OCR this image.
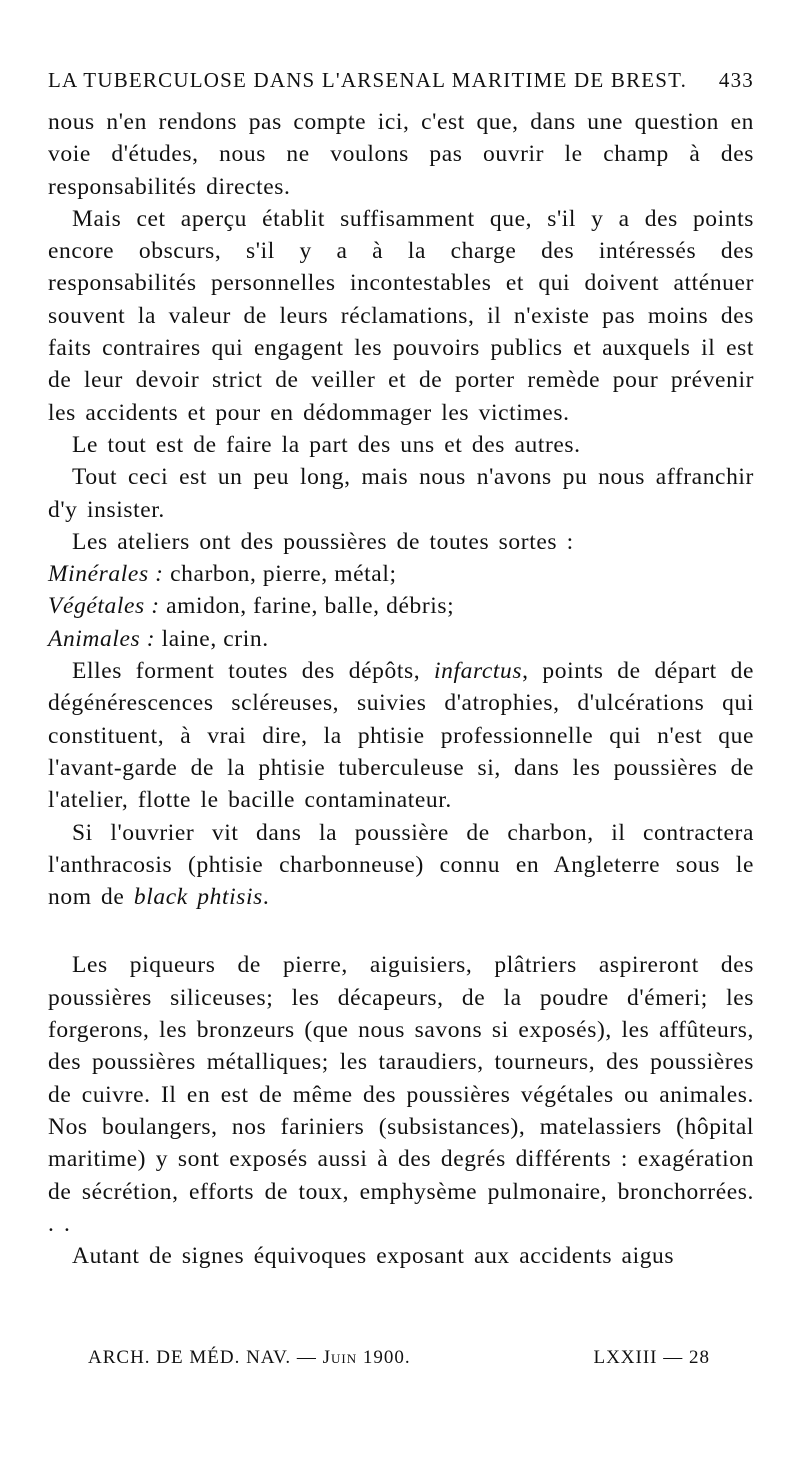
LA TUBERCULOSE DANS L'ARSENAL MARITIME DE BREST. 433

nous n'en rendons pas compte ici, c'est que, dans une question en voie d'études, nous ne voulons pas ouvrir le champ à des responsabilités directes.

Mais cet aperçu établit suffisamment que, s'il y a des points encore obscurs, s'il y a à la charge des intéressés des responsabilités personnelles incontestables et qui doivent atténuer souvent la valeur de leurs réclamations, il n'existe pas moins des faits contraires qui engagent les pouvoirs publics et auxquels il est de leur devoir strict de veiller et de porter remède pour prévenir les accidents et pour en dédommager les victimes.

Le tout est de faire la part des uns et des autres.

Tout ceci est un peu long, mais nous n'avons pu nous affranchir d'y insister.

Les ateliers ont des poussières de toutes sortes :

Minérales : charbon, pierre, métal;
Végétales : amidon, farine, balle, débris;
Animales : laine, crin.

Elles forment toutes des dépôts, infarctus, points de départ de dégénérescences scléreuses, suivies d'atrophies, d'ulcérations qui constituent, à vrai dire, la phtisie professionnelle qui n'est que l'avant-garde de la phtisie tuberculeuse si, dans les poussières de l'atelier, flotte le bacille contaminateur.

Si l'ouvrier vit dans la poussière de charbon, il contractera l'anthracosis (phtisie charbonneuse) connu en Angleterre sous le nom de black phtisis.

Les piqueurs de pierre, aiguisiers, plâtriers aspireront des poussières siliceuses; les décapeurs, de la poudre d'émeri; les forgerons, les bronzeurs (que nous savons si exposés), les affûteurs, des poussières métalliques; les taraudiers, tourneurs, des poussières de cuivre. Il en est de même des poussières végétales ou animales. Nos boulangers, nos fariniers (subsistances), matelassiers (hôpital maritime) y sont exposés aussi à des degrés différents : exagération de sécrétion, efforts de toux, emphysème pulmonaire, bronchorrées. . .

Autant de signes équivoques exposant aux accidents aigus

ARCH. DE MÉD. NAV. — Juin 1900.	LXXIII — 28
